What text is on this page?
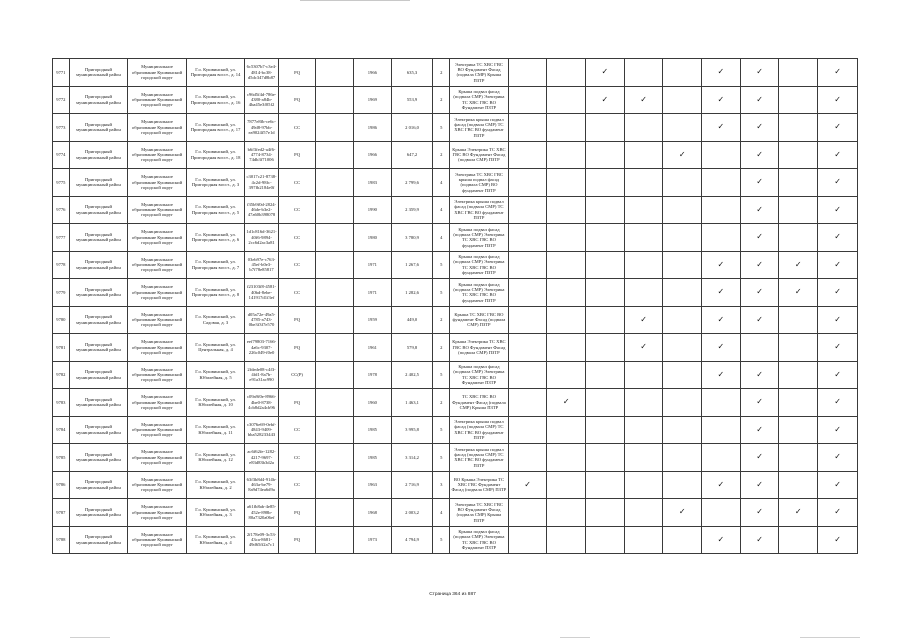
9771	Пригородный муниципальный район	Муниципальное образование Кушвинский городской округ	Г.о. Кушвинский, ул. Пригородная восст., д. 14	6c5307b7-c3e4-4814-bc38-d5dc347d8b87	PQ		1966	635,3	2	Электрика ТС ХВС ГВС ВО Фундамент Фасад (подвала СМР) Крыша ПЗТР			✓			✓	✓		✓
9772	Пригородный муниципальный район	Муниципальное образование Кушвинский городской округ	Г.о. Кушвинский, ул. Пригородная восст., д. 16	c96d5f4d-786e-4380-a84b-4ba45e3f05f2	PQ		1969	553,9	2	Крыша подвал фасад (подвала СМР) Электрика ТС ХВС ГВС ВО Фундамент ПЗТР			✓	✓		✓	✓		✓
9773	Пригородный муниципальный район	Муниципальное образование Кушвинский городской округ	Г.о. Кушвинский, ул. Пригородная восст., д. 17	7877e8fb-ce6c-49d8-97bb-ea9024f57e1d	CC		1986	2 016,0	5	Электрика крыша подвал фасад (подвала СМР) ТС ХВС ГВС ВО фундамент ПЗТР						✓	✓		✓
9774	Пригородный муниципальный район	Муниципальное образование Кушвинский городской округ	Г.о. Кушвинский, ул. Пригородная восст., д. 18	b6f3fed2-a4f6-4774-8734-74db3f71006	PQ		1966	647,2	2	Крыша Электрика ТС ХВС ГВС ВО Фундамент Фасад (подвала СМР) ПЗТР					✓		✓		✓
9775	Пригородный муниципальный район	Муниципальное образование Кушвинский городской округ	Г.о. Кушвинский, ул. Пригородная восст., д. 3	c3017c21-8738-4c2d-98fc-397fb2184e0f	CC		1983	2 799,6	4	Электрика ТС ХВС ГВС крыша подвал фасад (подвала СМР) ВО фундамент ПЗТР							✓		✓
9776	Пригородный муниципальный район	Муниципальное образование Кушвинский городской округ	Г.о. Кушвинский, ул. Пригородная восст., д. 5	f35b9f0d-2824-46de-b3e2-47a60b398078	CC		1990	2 359,9	4	Электрика крыша подвал фасад (подвала СМР) ТС ХВС ГВС ВО фундамент ПЗТР							✓		✓
9777	Пригородный муниципальный район	Муниципальное образование Кушвинский городской округ	Г.о. Кушвинский, ул. Пригородная восст., д. 6	1d1c816d-3621-40f6-9894-2cc6d2ac3a81	CC		1980	3 780,9	4	Крыша подвал фасад (подвала СМР) Электрика ТС ХВС ГВС ВО фундамент ПЗТР							✓		✓
9778	Пригородный муниципальный район	Муниципальное образование Кушвинский городской округ	Г.о. Кушвинский, ул. Пригородная восст., д. 7	03eb97e-c763-45ef-b0e3-b7f78e85817	CC		1971	1 267,6	5	Крыша подвал фасад (подвала СМР) Электрика ТС ХВС ГВС ВО фундамент ПЗТР						✓	✓	✓	✓
9779	Пригородный муниципальный район	Муниципальное образование Кушвинский городской округ	Г.о. Кушвинский, ул. Пригородная восст., д. 8	f23103f8-4581-40bd-8ebe-141917d1f3ef	CC		1971	1 282,6	5	Крыша подвал фасад (подвала СМР) Электрика ТС ХВС ГВС ВО фундамент ПЗТР						✓	✓	✓	✓
9780	Пригородный муниципальный район	Муниципальное образование Кушвинский городской округ	Г.о. Кушвинский, ул. Садовая, д. 3	d05a72e-49a5-4785-a743-0be3f3f7e570	PQ		1959	449,0	2	Крыша ТС ХВС ГВС ВО фундамент Фасад (подвала СМР) ПЗТР				✓		✓	✓		✓
9781	Пригородный муниципальный район	Муниципальное образование Кушвинский городской округ	Г.о. Кушвинский, ул. Центральная, д. 4	eef79803-7166-4a6c-9307-226c049-f0e0	PQ		1961	579,8	2	Крыша Электрика ТС ХВС ГВС ВО Фундамент Фасад (подвала СМР) ПЗТР				✓		✓			✓
9782	Пригородный муниципальный район	Муниципальное образование Кушвинский городской округ	Г.о. Кушвинский, ул. Юбилейная, д. 5	2fdede08-c4f3-4fd1-8a7b-e91a31ac990	CC(P)		1978	2 402,5	5	Крыша подвал фасад (подвала СМР) Электрика ТС ХВС ГВС ВО Фундамент ПЗТР						✓	✓		✓
9783	Пригородный муниципальный район	Муниципальное образование Кушвинский городской округ	Г.о. Кушвинский, ул. Юбилейная, д. 10	c09a9f0e-8966-4be0-8738-4cb8d2a4cb96	PQ		1960	1 463,1	2	ТС ХВС ГВС ВО Фундамент Фасад (подвала СМР) Крыша ПЗТР		✓					✓		✓
9784	Пригородный муниципальный район	Муниципальное образование Кушвинский городской округ	Г.о. Кушвинский, ул. Юбилейная, д. 11	c3076e69-0ebf-4843-9409-bba528233443	CC		1985	3 995,8	5	Электрика крыша подвал фасад (подвала СМР) ТС ХВС ГВС ВО фундамент ПЗТР							✓		✓
9785	Пригородный муниципальный район	Муниципальное образование Кушвинский городской округ	Г.о. Кушвинский, ул. Юбилейная, д. 12	ac6f62fe-1282-4217-9697-e83d83b3d2a	CC		1985	3 314,2	5	Электрика крыша подвал фасад (подвала СМР) ТС ХВС ГВС ВО фундамент ПЗТР							✓		✓
9786	Пригородный муниципальный район	Муниципальное образование Кушвинский городской округ	Г.о. Кушвинский, ул. Юбилейная, д. 2	63f3b8d4-914b-463a-be79-8a9d74ea6d9a	CC		1963	2 716,9	3	ВО Крыша Электрика ТС ХВС ГВС Фундамент Фасад (подвала СМР) ПЗТР	✓					✓	✓		✓
9787	Пригородный муниципальный район	Муниципальное образование Кушвинский городской округ	Г.о. Кушвинский, ул. Юбилейная, д. 3	a61fb8ab-4e85-452e-898b-80a7320a06ef	PQ		1968	2 003,2	4	Электрика ТС ХВС ГВС ВО Фундамент Фасад (подвала СМР) Крыша ПЗТР					✓		✓	✓	✓
9788	Пригородный муниципальный район	Муниципальное образование Кушвинский городской округ	Г.о. Кушвинский, ул. Юбилейная, д. 4	2f178e09-3c53-43ca-8681-49d65ff2a7c1	PQ		1973	4 794,9	5	Крыша подвал фасад (подвала СМР) Электрика ТС ХВС ГВС ВО Фундамент ПЗТР						✓	✓		✓
Страница 364 из 887
